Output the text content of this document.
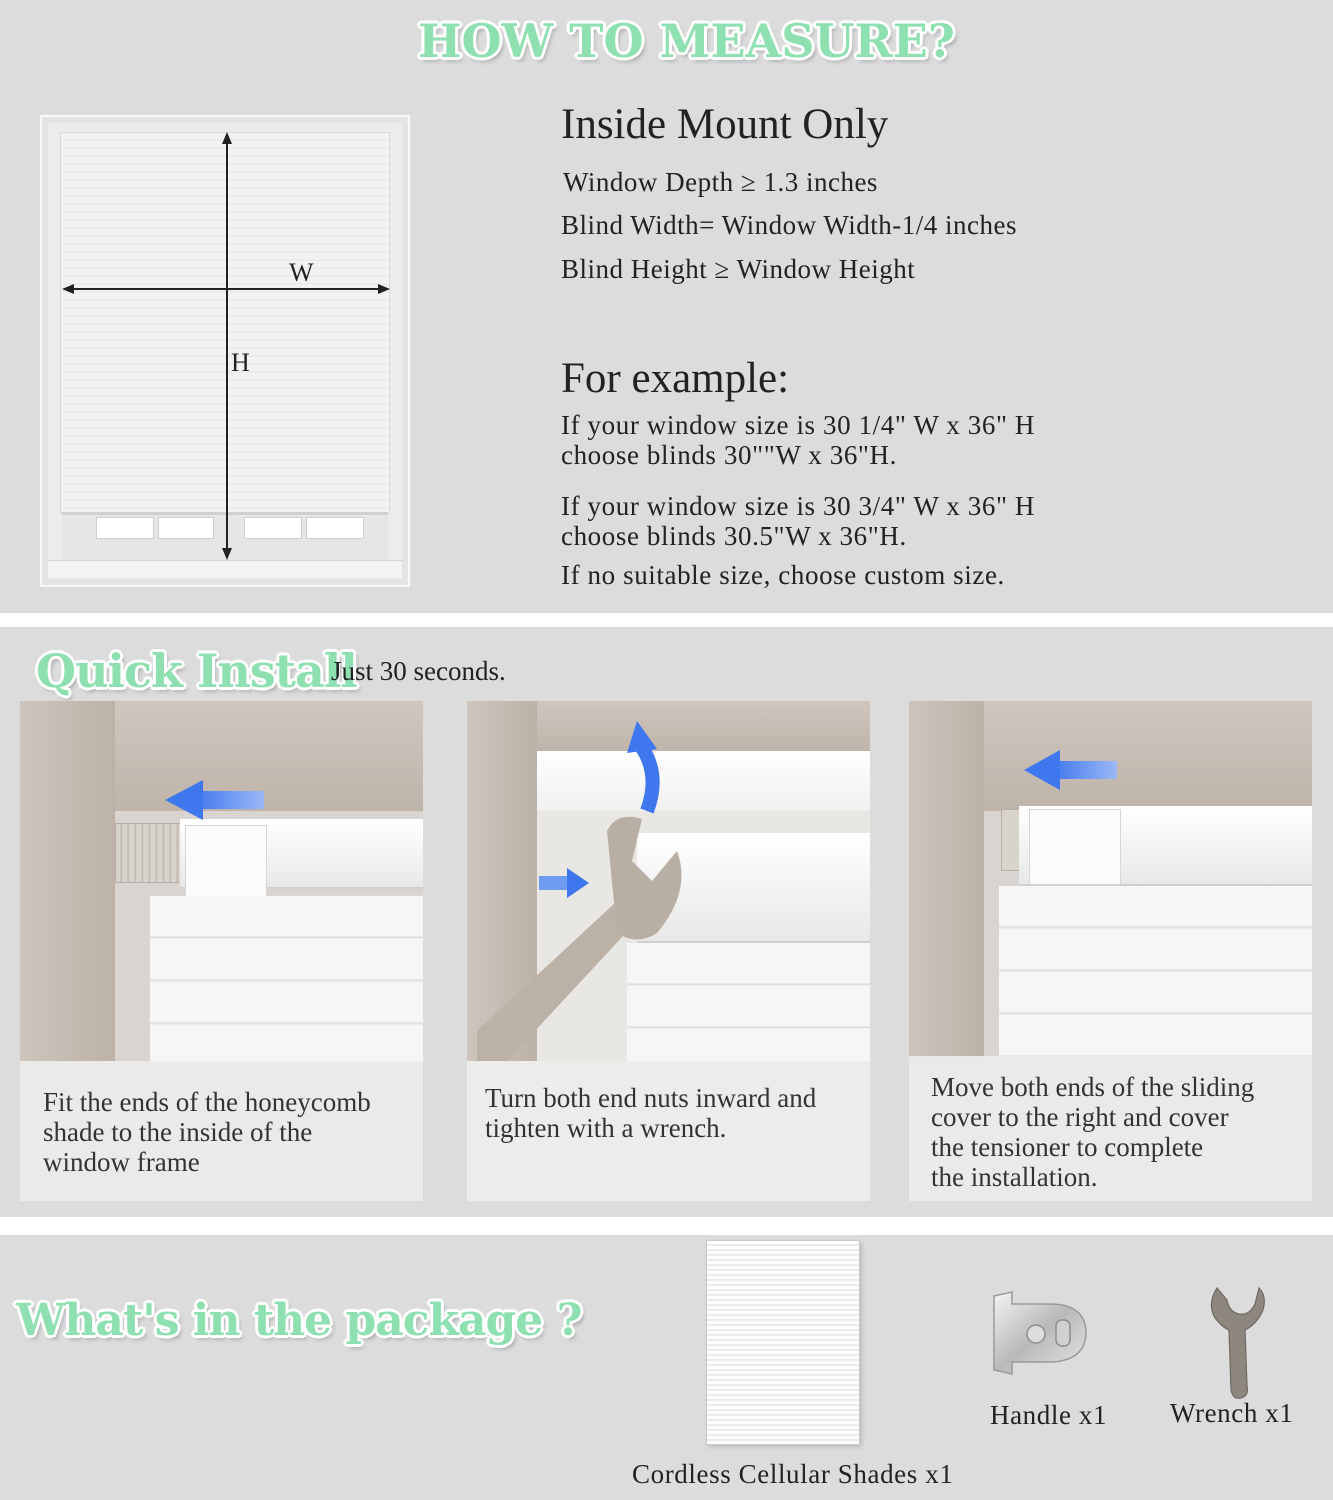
HOW TO MEASURE?
W
H
Inside Mount Only
Window Depth ≥ 1.3 inches
Blind Width= Window Width-1/4 inches
Blind Height ≥ Window Height
For example:
If your window size is 30 1/4" W x 36" H
choose blinds 30""W x 36"H.
If your window size is 30 3/4" W x 36" H
choose blinds 30.5"W x 36"H.
If no suitable size, choose custom size.
Quick Install
Just 30 seconds.
Fit the ends of the honeycomb
shade to the inside of the
window frame
Turn both end nuts inward and
tighten with a wrench.
Move both ends of the sliding
cover to the right and cover
the tensioner to complete
the installation.
What's in the package ?
Cordless Cellular Shades x1
Handle x1 Wrench x1
